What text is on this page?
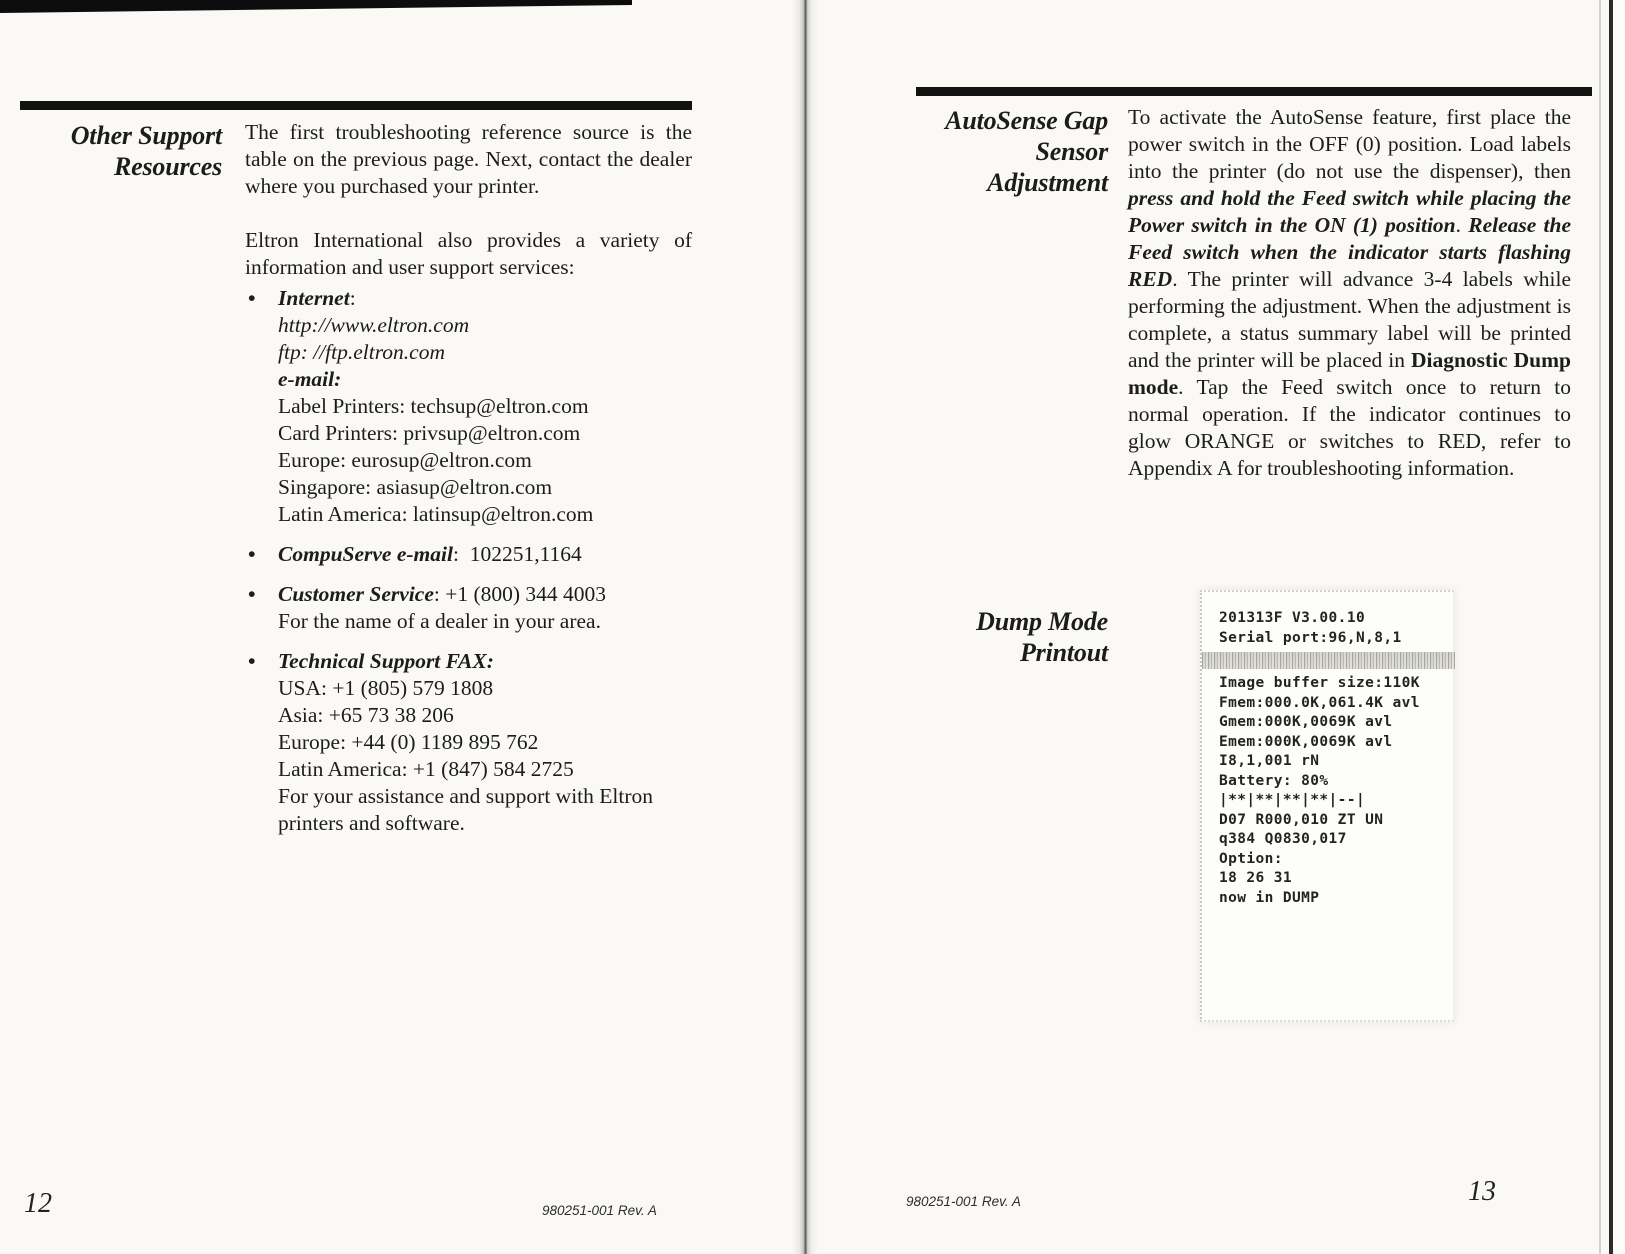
Other Support
Resources
The first troubleshooting reference source is the table on the previous page. Next, contact the dealer where you purchased your printer.
Eltron International also provides a variety of information and user support services:
•	Internet:
http://www.eltron.com
ftp: //ftp.eltron.com
e-mail:
Label Printers: techsup@eltron.com
Card Printers: privsup@eltron.com
Europe: eurosup@eltron.com
Singapore: asiasup@eltron.com
Latin America: latinsup@eltron.com
•	CompuServe e-mail:  102251,1164
•	Customer Service: +1 (800) 344 4003
For the name of a dealer in your area.
•	Technical Support FAX:
USA: +1 (805) 579 1808
Asia: +65 73 38 206
Europe: +44 (0) 1189 895 762
Latin America: +1 (847) 584 2725
For your assistance and support with Eltron printers and software.
12	980251-001 Rev. A
AutoSense Gap
Sensor
Adjustment
To activate the AutoSense feature, first place the power switch in the OFF (0) position. Load labels into the printer (do not use the dispenser), then press and hold the Feed switch while placing the Power switch in the ON (1) position. Release the Feed switch when the indicator starts flashing RED. The printer will advance 3-4 labels while performing the adjustment. When the adjustment is complete, a status summary label will be printed and the printer will be placed in Diagnostic Dump mode. Tap the Feed switch once to return to normal operation. If the indicator continues to glow ORANGE or switches to RED, refer to Appendix A for troubleshooting information.
Dump Mode
Printout
201313F V3.00.10
Serial port:96,N,8,1
Image buffer size:110K
Fmem:000.0K,061.4K avl
Gmem:000K,0069K avl
Emem:000K,0069K avl
I8,1,001 rN
Battery: 80%
|**|**|**|**|--|
D07 R000,010 ZT UN
q384 Q0830,017
Option:
18 26 31
now in DUMP
980251-001 Rev. A	13
